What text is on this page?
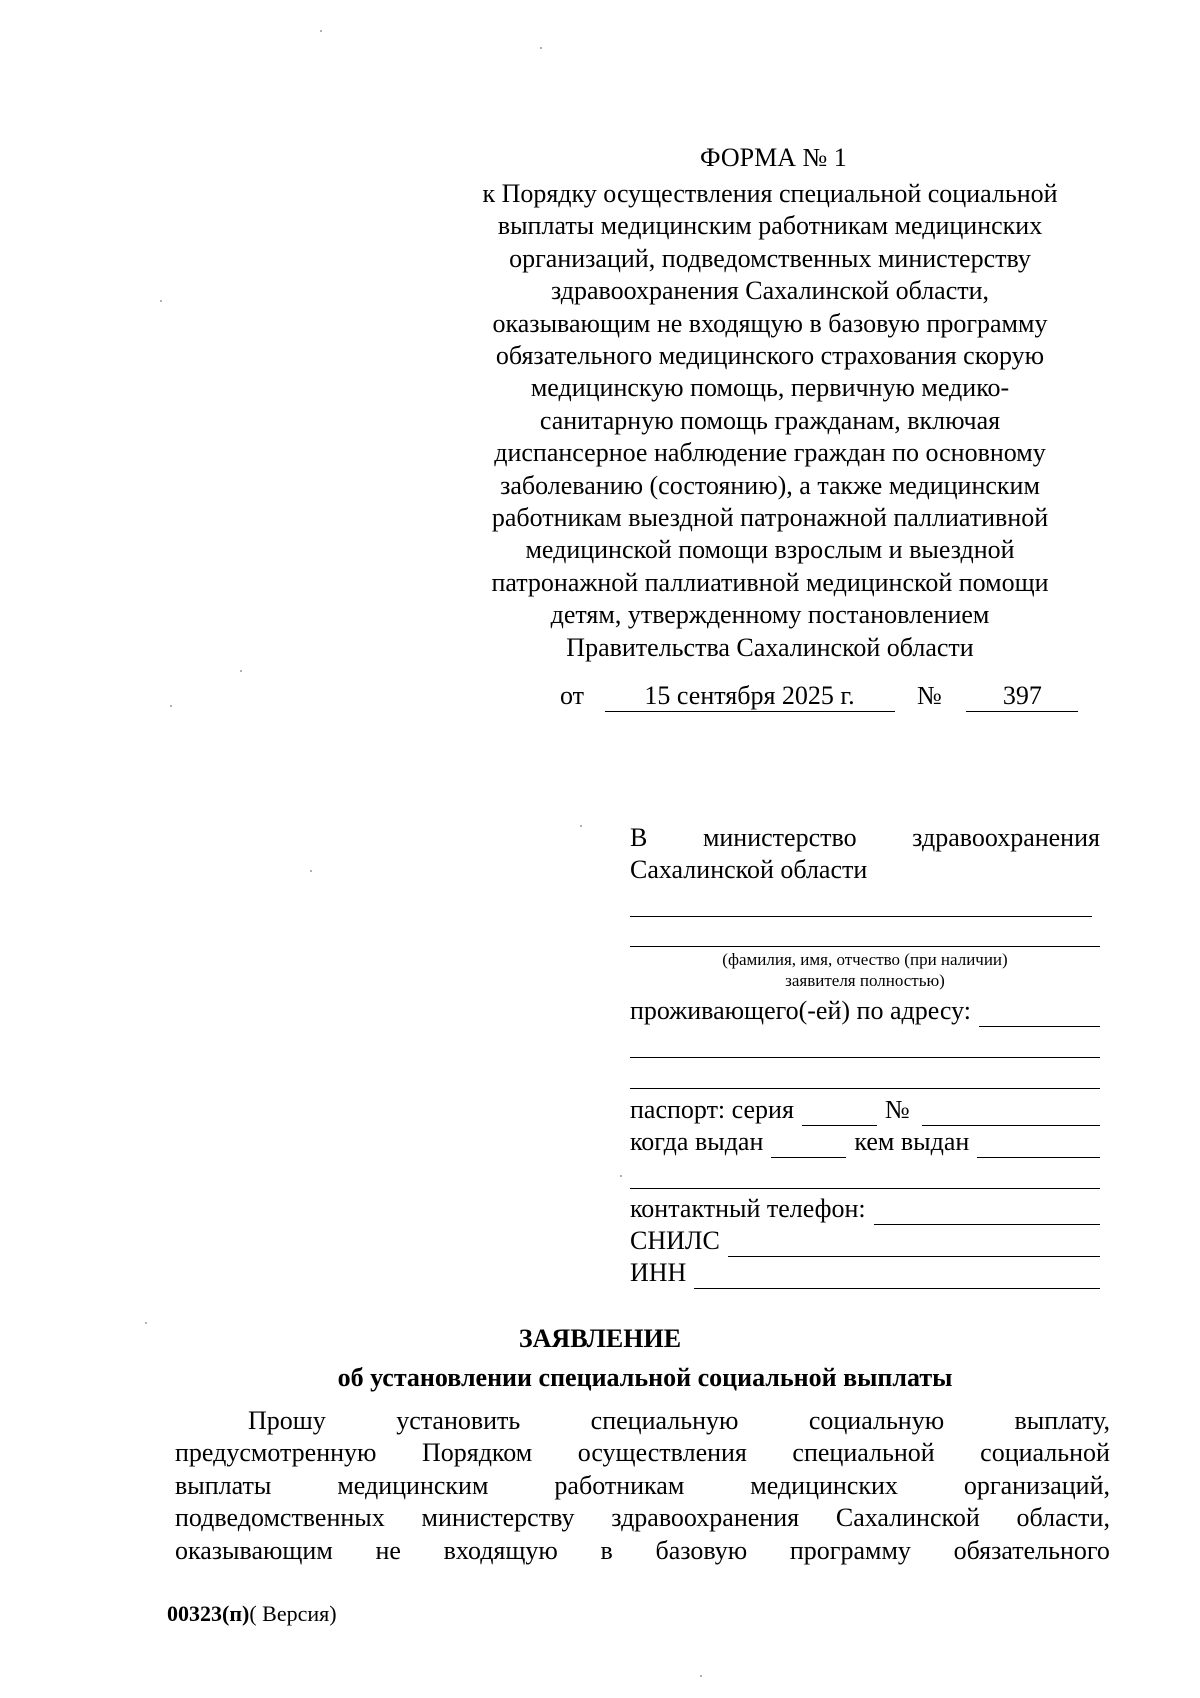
ФОРМА № 1
к Порядку осуществления специальной социальной
выплаты медицинским работникам медицинских
организаций, подведомственных министерству
здравоохранения Сахалинской области,
оказывающим не входящую в базовую программу
обязательного медицинского страхования скорую
медицинскую помощь, первичную медико-
санитарную помощь гражданам, включая
диспансерное наблюдение граждан по основному
заболеванию (состоянию), а также медицинским
работникам выездной патронажной паллиативной
медицинской помощи взрослым и выездной
патронажной паллиативной медицинской помощи
детям, утвержденному постановлением
Правительства Сахалинской области
от 15 сентября 2025 г. № 397
В министерство здравоохранения
Сахалинской области
(фамилия, имя, отчество (при наличии)
заявителя полностью)
проживающего(-ей) по адресу:
паспорт: серия	№
когда выдан	кем выдан
контактный телефон:
СНИЛС
ИНН
ЗАЯВЛЕНИЕ
об установлении специальной социальной выплаты
Прошу	установить	специальную	социальную	выплату,
предусмотренную Порядком осуществления специальной социальной
выплаты	медицинским	работникам	медицинских	организаций,
подведомственных министерству здравоохранения Сахалинской области,
оказывающим не входящую в базовую программу обязательного
00323(п)( Версия)
